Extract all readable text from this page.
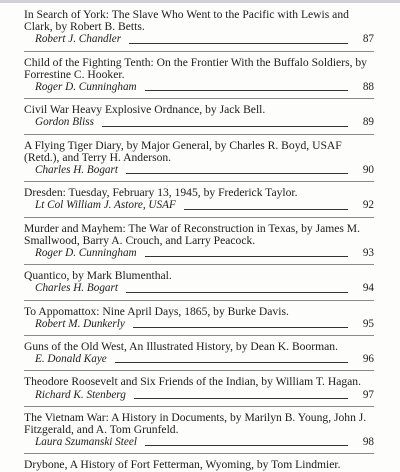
In Search of York: The Slave Who Went to the Pacific with Lewis and Clark, by Robert B. Betts.

Robert J. Chandler	87

Child of the Fighting Tenth: On the Frontier With the Buffalo Soldiers, by Forrestine C. Hooker.

Roger D. Cunningham	88

Civil War Heavy Explosive Ordnance, by Jack Bell.

Gordon Bliss	89

A Flying Tiger Diary, by Major General, by Charles R. Boyd, USAF (Retd.), and Terry H. Anderson.

Charles H. Bogart	90

Dresden: Tuesday, February 13, 1945, by Frederick Taylor.

Lt Col William J. Astore, USAF	92

Murder and Mayhem: The War of Reconstruction in Texas, by James M. Smallwood, Barry A. Crouch, and Larry Peacock.

Roger D. Cunningham	93

Quantico, by Mark Blumenthal.

Charles H. Bogart	94

To Appomattox: Nine April Days, 1865, by Burke Davis.

Robert M. Dunkerly	95

Guns of the Old West, An Illustrated History, by Dean K. Boorman.

E. Donald Kaye	96

Theodore Roosevelt and Six Friends of the Indian, by William T. Hagan.

Richard K. Stenberg	97

The Vietnam War: A History in Documents, by Marilyn B. Young, John J. Fitzgerald, and A. Tom Grunfeld.

Laura Szumanski Steel	98

Drybone, A History of Fort Fetterman, Wyoming, by Tom Lindmier.
